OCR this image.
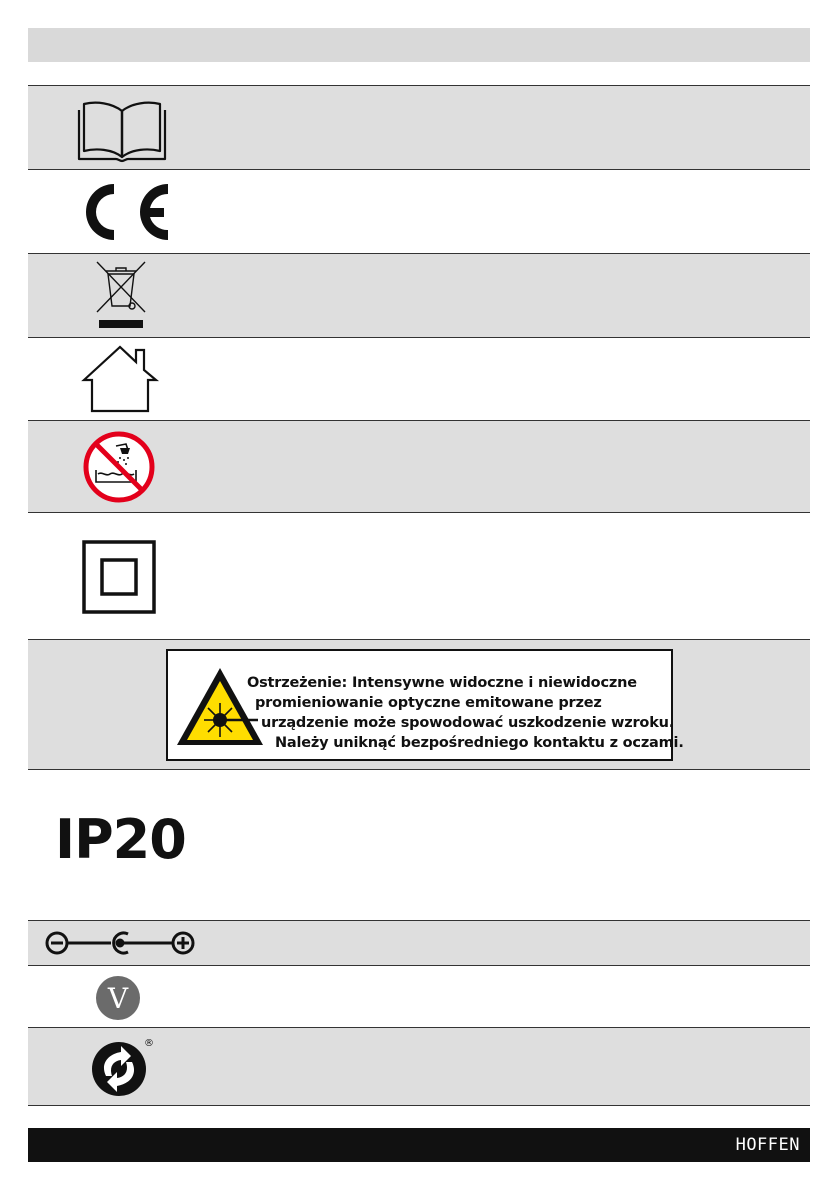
Ostrzeżenie: Intensywne widoczne i niewidoczne
promieniowanie optyczne emitowane przez
urządzenie może spowodować uszkodzenie wzroku.
Należy uniknąć bezpośredniego kontaktu z oczami.
IP20
V
®
HOFFEN
